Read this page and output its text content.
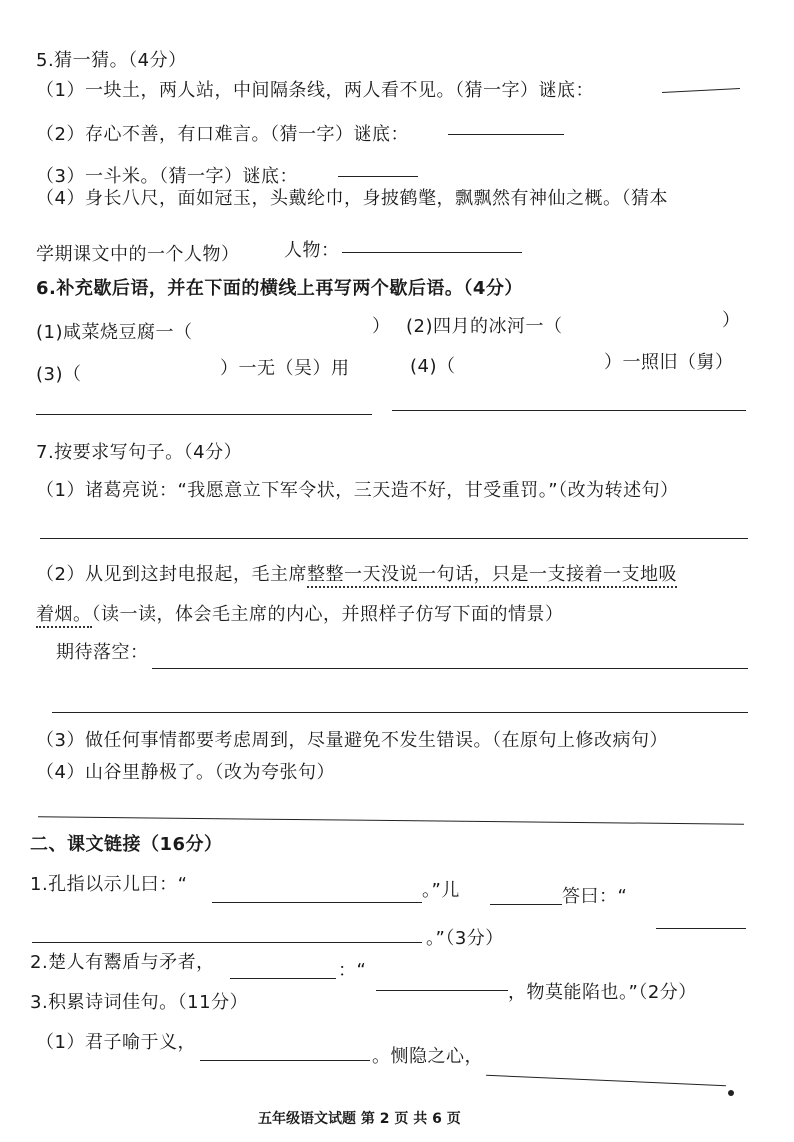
5.猜一猜。（4分）
（1）一块土，两人站，中间隔条线，两人看不见。（猜一字）谜底：
（2）存心不善，有口难言。（猜一字）谜底：
（3）一斗米。（猜一字）谜底：
（4）身长八尺，面如冠玉，头戴纶巾，身披鹤氅，飘飘然有神仙之概。（猜本
学期课文中的一个人物） 人物：
6.补充歇后语，并在下面的横线上再写两个歇后语。（4分）
(1)咸菜烧豆腐一（	） (2)四月的冰河一（	）
(3)（	）一无（吴）用	(4)（	）一照旧（舅）
7.按要求写句子。（4分）
（1）诸葛亮说：“我愿意立下军令状，三天造不好，甘受重罚。”（改为转述句）
（2）从见到这封电报起，毛主席整整一天没说一句话，只是一支接着一支地吸
着烟。（读一读，体会毛主席的内心，并照样子仿写下面的情景）
期待落空：
（3）做任何事情都要考虑周到，尽量避免不发生错误。（在原句上修改病句）
（4）山谷里静极了。（改为夸张句）
二、课文链接（16分）
1.孔指以示儿曰：“	。”儿	答曰：“
。”（3分）
2.楚人有鬻盾与矛者，	：“
，物莫能陷也。”（2分）
3.积累诗词佳句。（11分）
（1）君子喻于义，
。恻隐之心，
五年级语文试题 第 2 页 共 6 页
